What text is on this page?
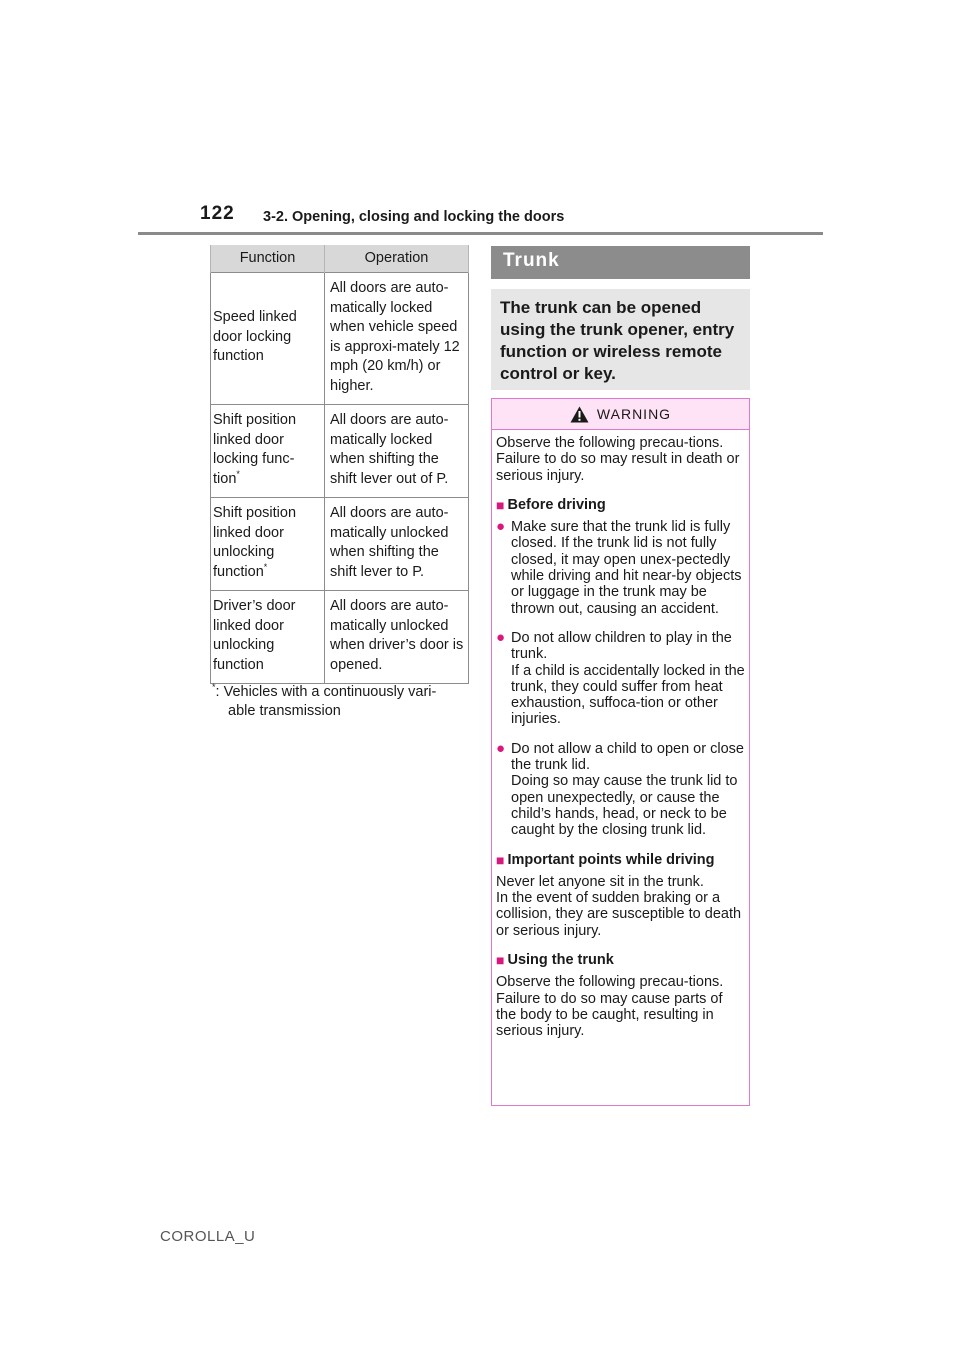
122 3-2. Opening, closing and locking the doors
Function	Operation
Speed linked door locking function	All doors are auto-matically locked when vehicle speed is approxi-mately 12 mph (20 km/h) or higher.
Shift position linked door locking func-tion*	All doors are auto-matically locked when shifting the shift lever out of P.
Shift position linked door unlocking function*	All doors are auto-matically unlocked when shifting the shift lever to P.
Driver’s door linked door unlocking function	All doors are auto-matically unlocked when driver’s door is opened.
*: Vehicles with a continuously vari-
able transmission
Trunk
The trunk can be opened using the trunk opener, entry function or wireless remote control or key.
WARNING

Observe the following precau-tions.
Failure to do so may result in death or serious injury.

■ Before driving
● Make sure that the trunk lid is fully closed. If the trunk lid is not fully closed, it may open unex-pectedly while driving and hit near-by objects or luggage in the trunk may be thrown out, causing an accident.
● Do not allow children to play in the trunk.
If a child is accidentally locked in the trunk, they could suffer from heat exhaustion, suffoca-tion or other injuries.
● Do not allow a child to open or close the trunk lid.
Doing so may cause the trunk lid to open unexpectedly, or cause the child’s hands, head, or neck to be caught by the closing trunk lid.
■ Important points while driving

Never let anyone sit in the trunk.
In the event of sudden braking or a collision, they are susceptible to death or serious injury.

■ Using the trunk

Observe the following precau-tions.
Failure to do so may cause parts of the body to be caught, resulting in serious injury.

COROLLA_U
